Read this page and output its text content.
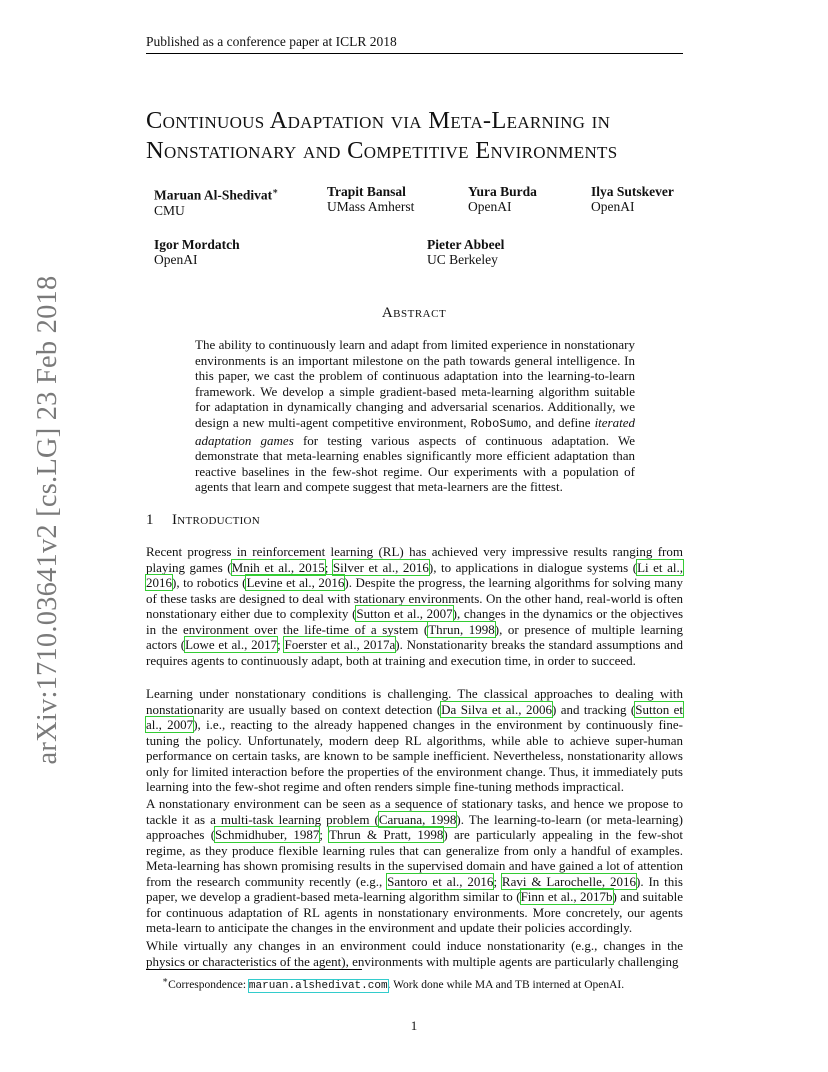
Published as a conference paper at ICLR 2018
Continuous Adaptation via Meta-Learning in
Nonstationary and Competitive Environments
Maruan Al-Shedivat∗
CMU
Trapit Bansal
UMass Amherst
Yura Burda
OpenAI
Ilya Sutskever
OpenAI
Igor Mordatch
OpenAI
Pieter Abbeel
UC Berkeley
Abstract
The ability to continuously learn and adapt from limited experience in nonstationary environments is an important milestone on the path towards general intelligence. In this paper, we cast the problem of continuous adaptation into the learning-to-learn framework. We develop a simple gradient-based meta-learning algorithm suitable for adaptation in dynamically changing and adversarial scenarios. Additionally, we design a new multi-agent competitive environment, RoboSumo, and define iterated adaptation games for testing various aspects of continuous adaptation. We demonstrate that meta-learning enables significantly more efficient adaptation than reactive baselines in the few-shot regime. Our experiments with a population of agents that learn and compete suggest that meta-learners are the fittest.
1 Introduction
Recent progress in reinforcement learning (RL) has achieved very impressive results ranging from playing games (Mnih et al., 2015; Silver et al., 2016), to applications in dialogue systems (Li et al., 2016), to robotics (Levine et al., 2016). Despite the progress, the learning algorithms for solving many of these tasks are designed to deal with stationary environments. On the other hand, real-world is often nonstationary either due to complexity (Sutton et al., 2007), changes in the dynamics or the objectives in the environment over the life-time of a system (Thrun, 1998), or presence of multiple learning actors (Lowe et al., 2017; Foerster et al., 2017a). Nonstationarity breaks the standard assumptions and requires agents to continuously adapt, both at training and execution time, in order to succeed.
Learning under nonstationary conditions is challenging. The classical approaches to dealing with nonstationarity are usually based on context detection (Da Silva et al., 2006) and tracking (Sutton et al., 2007), i.e., reacting to the already happened changes in the environment by continuously fine-tuning the policy. Unfortunately, modern deep RL algorithms, while able to achieve super-human performance on certain tasks, are known to be sample inefficient. Nevertheless, nonstationarity allows only for limited interaction before the properties of the environment change. Thus, it immediately puts learning into the few-shot regime and often renders simple fine-tuning methods impractical.
A nonstationary environment can be seen as a sequence of stationary tasks, and hence we propose to tackle it as a multi-task learning problem (Caruana, 1998). The learning-to-learn (or meta-learning) approaches (Schmidhuber, 1987; Thrun & Pratt, 1998) are particularly appealing in the few-shot regime, as they produce flexible learning rules that can generalize from only a handful of examples. Meta-learning has shown promising results in the supervised domain and have gained a lot of attention from the research community recently (e.g., Santoro et al., 2016; Ravi & Larochelle, 2016). In this paper, we develop a gradient-based meta-learning algorithm similar to (Finn et al., 2017b) and suitable for continuous adaptation of RL agents in nonstationary environments. More concretely, our agents meta-learn to anticipate the changes in the environment and update their policies accordingly.
While virtually any changes in an environment could induce nonstationarity (e.g., changes in the physics or characteristics of the agent), environments with multiple agents are particularly challenging
∗Correspondence: maruan.alshedivat.com. Work done while MA and TB interned at OpenAI.
1
arXiv:1710.03641v2 [cs.LG] 23 Feb 2018
